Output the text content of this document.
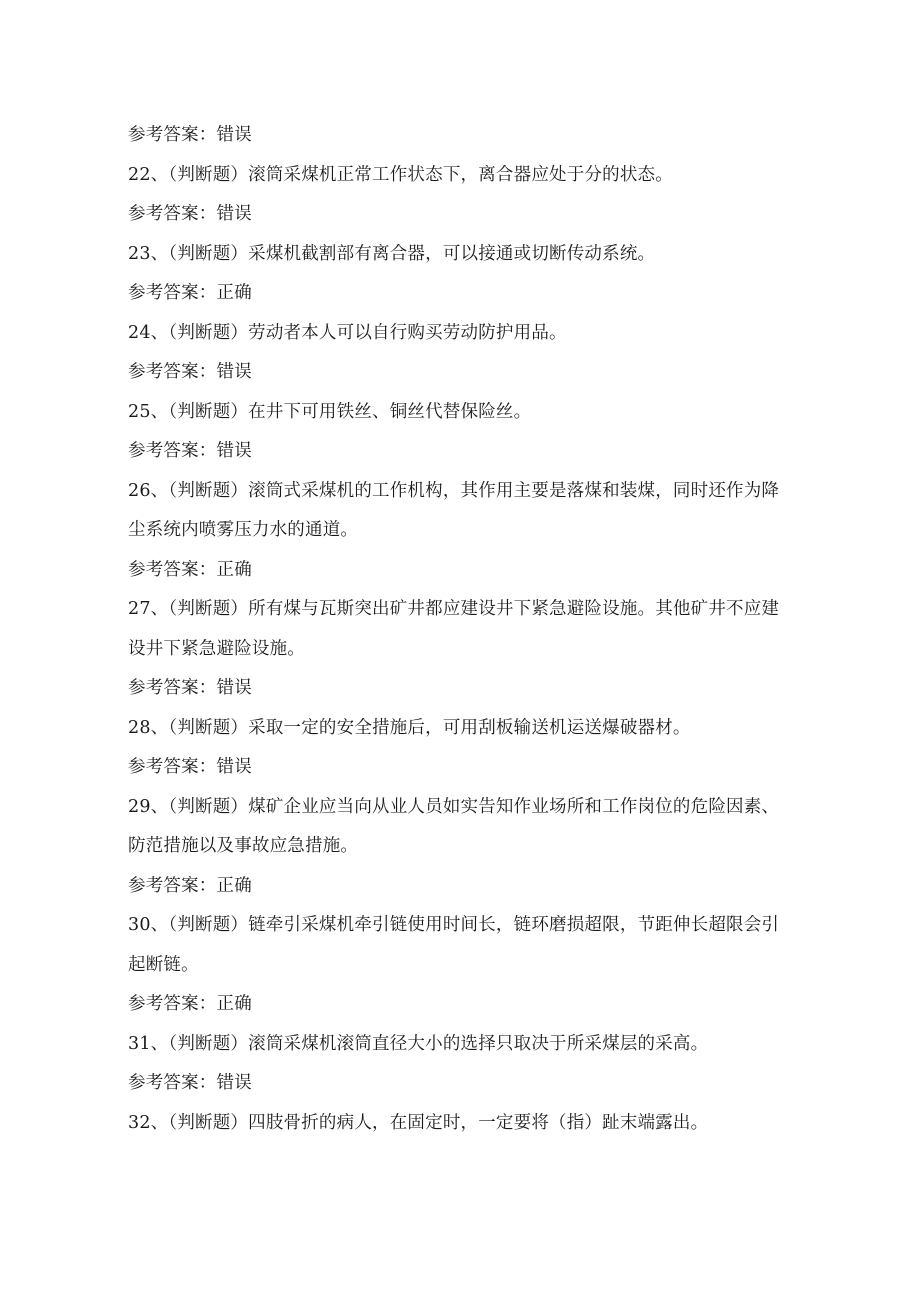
参考答案：错误

22、（判断题）滚筒采煤机正常工作状态下，离合器应处于分的状态。

参考答案：错误

23、（判断题）采煤机截割部有离合器，可以接通或切断传动系统。

参考答案：正确

24、（判断题）劳动者本人可以自行购买劳动防护用品。

参考答案：错误

25、（判断题）在井下可用铁丝、铜丝代替保险丝。

参考答案：错误

26、（判断题）滚筒式采煤机的工作机构，其作用主要是落煤和装煤，同时还作为降尘系统内喷雾压力水的通道。

参考答案：正确

27、（判断题）所有煤与瓦斯突出矿井都应建设井下紧急避险设施。其他矿井不应建设井下紧急避险设施。

参考答案：错误

28、（判断题）采取一定的安全措施后，可用刮板输送机运送爆破器材。

参考答案：错误

29、（判断题）煤矿企业应当向从业人员如实告知作业场所和工作岗位的危险因素、防范措施以及事故应急措施。

参考答案：正确

30、（判断题）链牵引采煤机牵引链使用时间长，链环磨损超限，节距伸长超限会引起断链。

参考答案：正确

31、（判断题）滚筒采煤机滚筒直径大小的选择只取决于所采煤层的采高。

参考答案：错误

32、（判断题）四肢骨折的病人，在固定时，一定要将（指）趾末端露出。
